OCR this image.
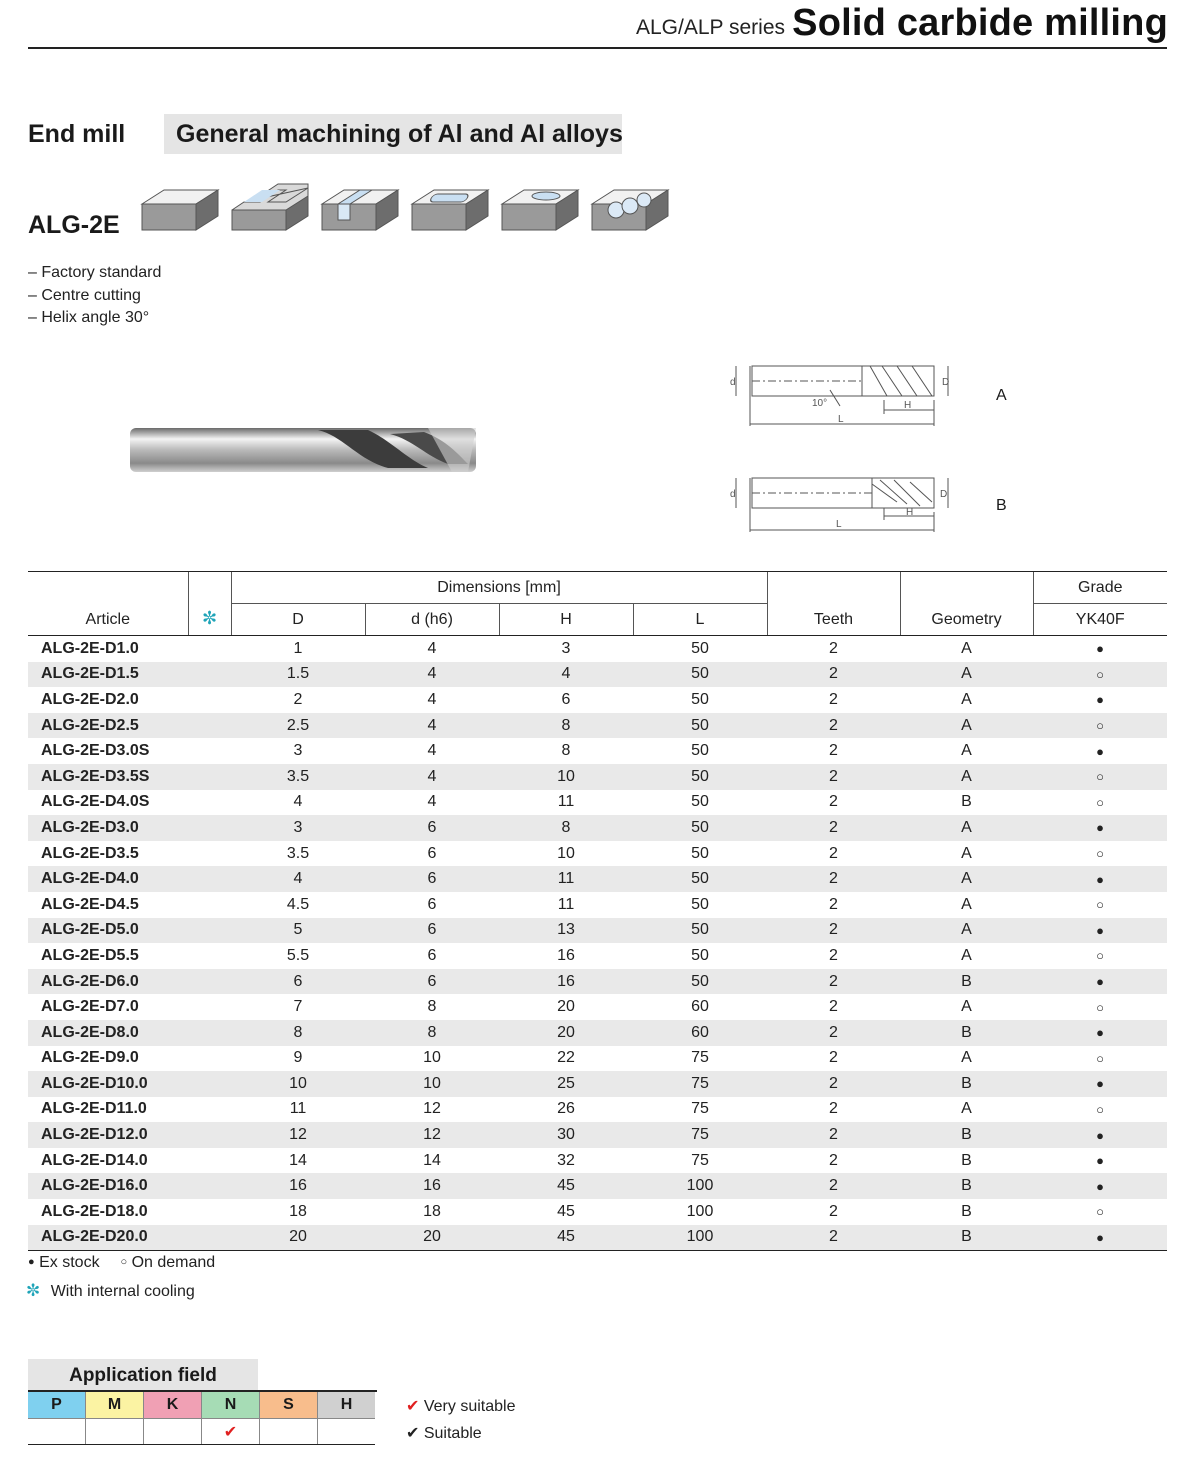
ALG/ALP series Solid carbide milling
End mill General machining of Al and Al alloys
ALG-2E
– Factory standard
– Centre cutting
– Helix angle 30°
d	D
10°	H
L
A
d	D
H
L
B
Article	✼	Dimensions [mm]				Teeth	Geometry	Grade
		D	d (h6)	H	L			YK40F
ALG-2E-D1.0		1	4	3	50	2	A	●
ALG-2E-D1.5		1.5	4	4	50	2	A	○
ALG-2E-D2.0		2	4	6	50	2	A	●
ALG-2E-D2.5		2.5	4	8	50	2	A	○
ALG-2E-D3.0S		3	4	8	50	2	A	●
ALG-2E-D3.5S		3.5	4	10	50	2	A	○
ALG-2E-D4.0S		4	4	11	50	2	B	○
ALG-2E-D3.0		3	6	8	50	2	A	●
ALG-2E-D3.5		3.5	6	10	50	2	A	○
ALG-2E-D4.0		4	6	11	50	2	A	●
ALG-2E-D4.5		4.5	6	11	50	2	A	○
ALG-2E-D5.0		5	6	13	50	2	A	●
ALG-2E-D5.5		5.5	6	16	50	2	A	○
ALG-2E-D6.0		6	6	16	50	2	B	●
ALG-2E-D7.0		7	8	20	60	2	A	○
ALG-2E-D8.0		8	8	20	60	2	B	●
ALG-2E-D9.0		9	10	22	75	2	A	○
ALG-2E-D10.0		10	10	25	75	2	B	●
ALG-2E-D11.0		11	12	26	75	2	A	○
ALG-2E-D12.0		12	12	30	75	2	B	●
ALG-2E-D14.0		14	14	32	75	2	B	●
ALG-2E-D16.0		16	16	45	100	2	B	●
ALG-2E-D18.0		18	18	45	100	2	B	○
ALG-2E-D20.0		20	20	45	100	2	B	●
● Ex stock ○ On demand
✼ With internal cooling
Application field
P	M	K	N	S	H
			✔		
✔ Very suitable
✔ Suitable
